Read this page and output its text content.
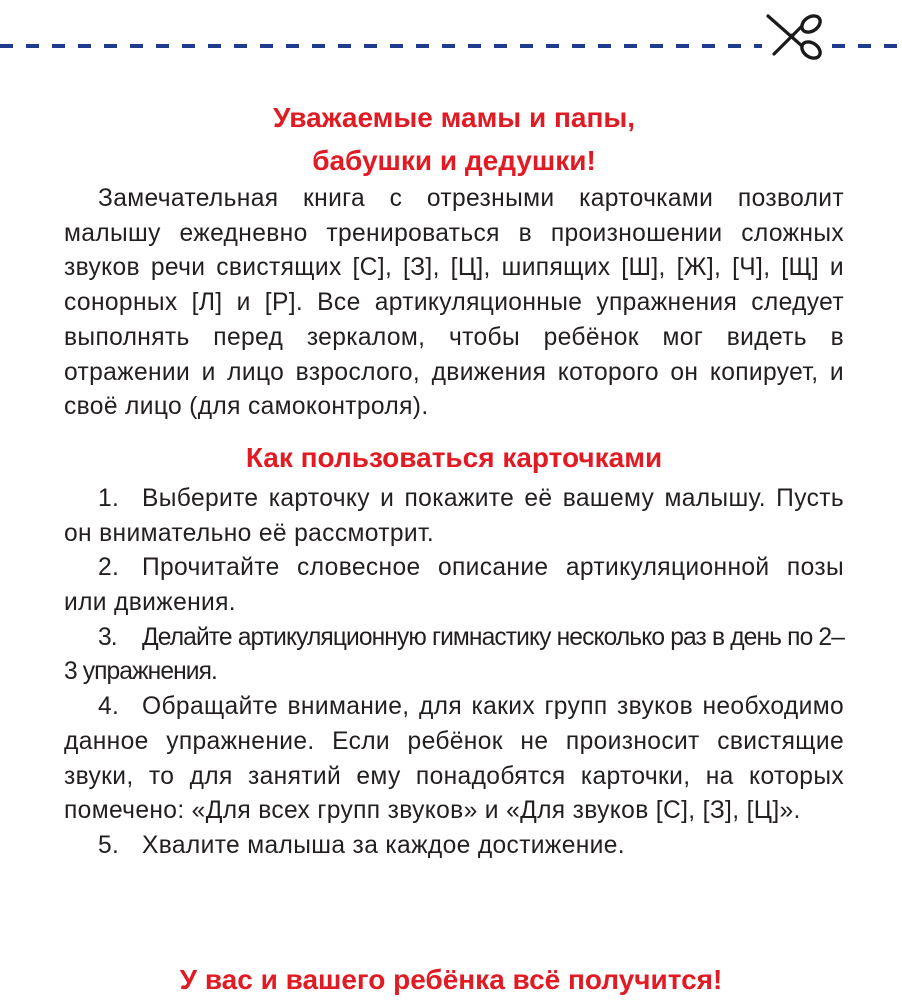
Уважаемые мамы и папы,
бабушки и дедушки!

Замечательная книга с отрезными карточками позволит малышу ежедневно тренироваться в произношении сложных звуков речи свистящих [С], [З], [Ц], шипящих [Ш], [Ж], [Ч], [Щ] и сонорных [Л] и [Р]. Все артикуляционные упражнения следует выполнять перед зеркалом, чтобы ребёнок мог видеть в отражении и лицо взрослого, движения которого он копирует, и своё лицо (для самоконтроля).

Как пользоваться карточками
1. Выберите карточку и покажите её вашему малышу. Пусть он внимательно её рассмотрит.
2. Прочитайте словесное описание артикуляционной позы или движения.
3. Делайте артикуляционную гимнастику несколько раз в день по 2–3 упражнения.
4. Обращайте внимание, для каких групп звуков необходимо данное упражнение. Если ребёнок не произносит свистящие звуки, то для занятий ему понадобятся карточки, на которых помечено: «Для всех групп звуков» и «Для звуков [С], [З], [Ц]».
5. Хвалите малыша за каждое достижение.
У вас и вашего ребёнка всё получится!
